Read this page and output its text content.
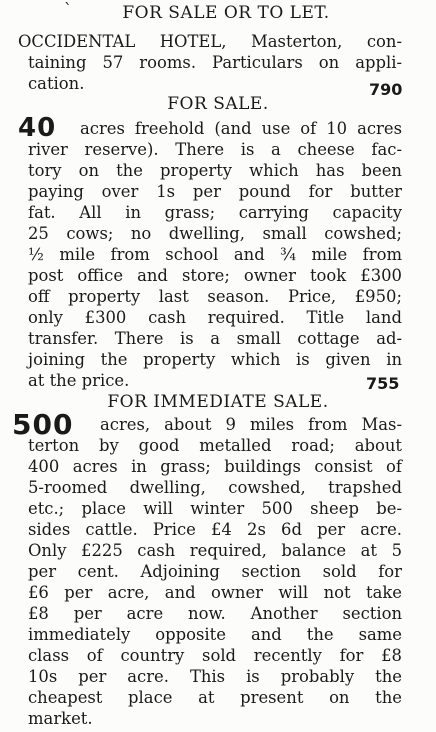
`	FOR SALE OR TO LET.
OCCIDENTAL HOTEL, Masterton, con-
taining 57 rooms. Particulars on appli-
cation.	790
FOR SALE.
40 acres freehold (and use of 10 acres
river reserve). There is a cheese fac-
tory on the property which has been
paying over 1s per pound for butter
fat. All in grass; carrying capacity
25 cows; no dwelling, small cowshed;
½ mile from school and ¾ mile from
post office and store; owner took £300
off property last season. Price, £950;
only £300 cash required. Title land
transfer. There is a small cottage ad-
joining the property which is given in
at the price.	755
FOR IMMEDIATE SALE.
500 acres, about 9 miles from Mas-
terton by good metalled road; about
400 acres in grass; buildings consist of
5-roomed dwelling, cowshed, trapshed
etc.; place will winter 500 sheep be-
sides cattle. Price £4 2s 6d per acre.
Only £225 cash required, balance at 5
per cent. Adjoining section sold for
£6 per acre, and owner will not take
£8 per acre now. Another section
immediately opposite and the same
class of country sold recently for £8
10s per acre. This is probably the
cheapest place at present on the
market.
